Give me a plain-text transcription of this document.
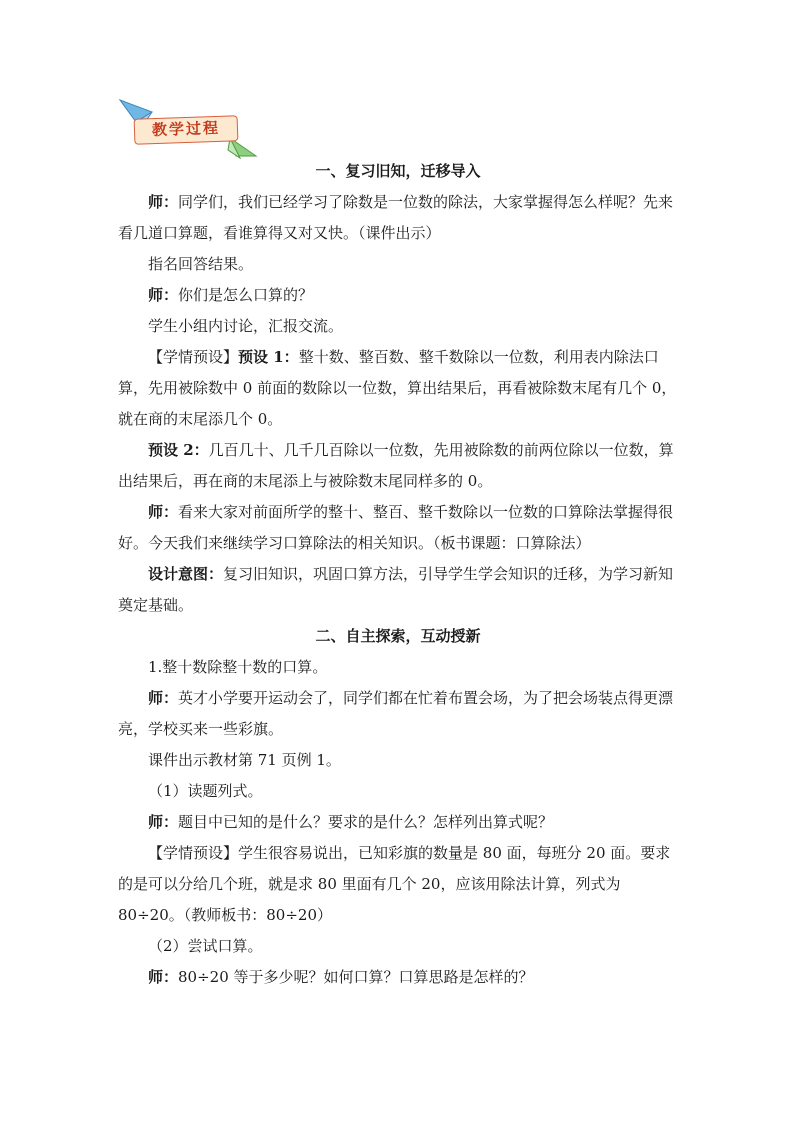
教学过程
一、复习旧知，迁移导入

师：同学们，我们已经学习了除数是一位数的除法，大家掌握得怎么样呢？先来看几道口算题，看谁算得又对又快。（课件出示）

指名回答结果。

师：你们是怎么口算的？

学生小组内讨论，汇报交流。

【学情预设】预设 1：整十数、整百数、整千数除以一位数，利用表内除法口算，先用被除数中 0 前面的数除以一位数，算出结果后，再看被除数末尾有几个 0，就在商的末尾添几个 0。

预设 2：几百几十、几千几百除以一位数，先用被除数的前两位除以一位数，算出结果后，再在商的末尾添上与被除数末尾同样多的 0。

师：看来大家对前面所学的整十、整百、整千数除以一位数的口算除法掌握得很好。今天我们来继续学习口算除法的相关知识。（板书课题：口算除法）

设计意图：复习旧知识，巩固口算方法，引导学生学会知识的迁移，为学习新知奠定基础。

二、自主探索，互动授新

1.整十数除整十数的口算。

师：英才小学要开运动会了，同学们都在忙着布置会场，为了把会场装点得更漂亮，学校买来一些彩旗。

课件出示教材第 71 页例 1。

（1）读题列式。

师：题目中已知的是什么？要求的是什么？怎样列出算式呢？

【学情预设】学生很容易说出，已知彩旗的数量是 80 面，每班分 20 面。要求的是可以分给几个班，就是求 80 里面有几个 20，应该用除法计算，列式为 80÷20。（教师板书：80÷20）

（2）尝试口算。

师：80÷20 等于多少呢？如何口算？口算思路是怎样的？
